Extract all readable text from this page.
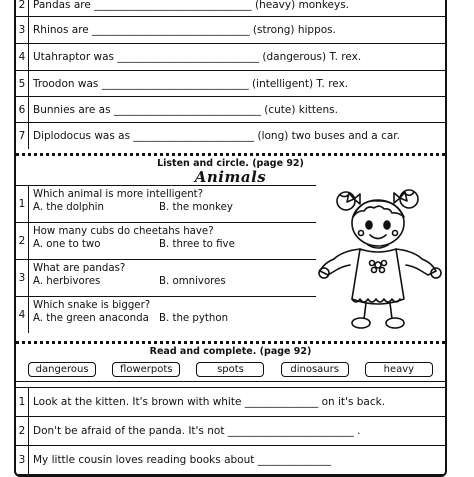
2 Pandas are ______________________________ (heavy) monkeys.
3 Rhinos are ______________________________ (strong) hippos.
4 Utahraptor was ___________________________ (dangerous) T. rex.
5 Troodon was ____________________________ (intelligent) T. rex.
6 Bunnies are as ____________________________ (cute) kittens.
7 Diplodocus was as _______________________ (long) two buses and a car.
Listen and circle. (page 92)
Animals
1
Which animal is more intelligent?
A. the dolphin	B. the monkey
2
How many cubs do cheetahs have?
A. one to two	B. three to five
3
What are pandas?
A. herbivores	B. omnivores
4
Which snake is bigger?
A. the green anaconda B. the python
Read and complete. (page 92)
dangerous	flowerpots	spots	dinosaurs	heavy
1 Look at the kitten. It's brown with white ______________ on it's back.
2 Don't be afraid of the panda. It's not ________________________ .
3 My little cousin loves reading books about ______________
